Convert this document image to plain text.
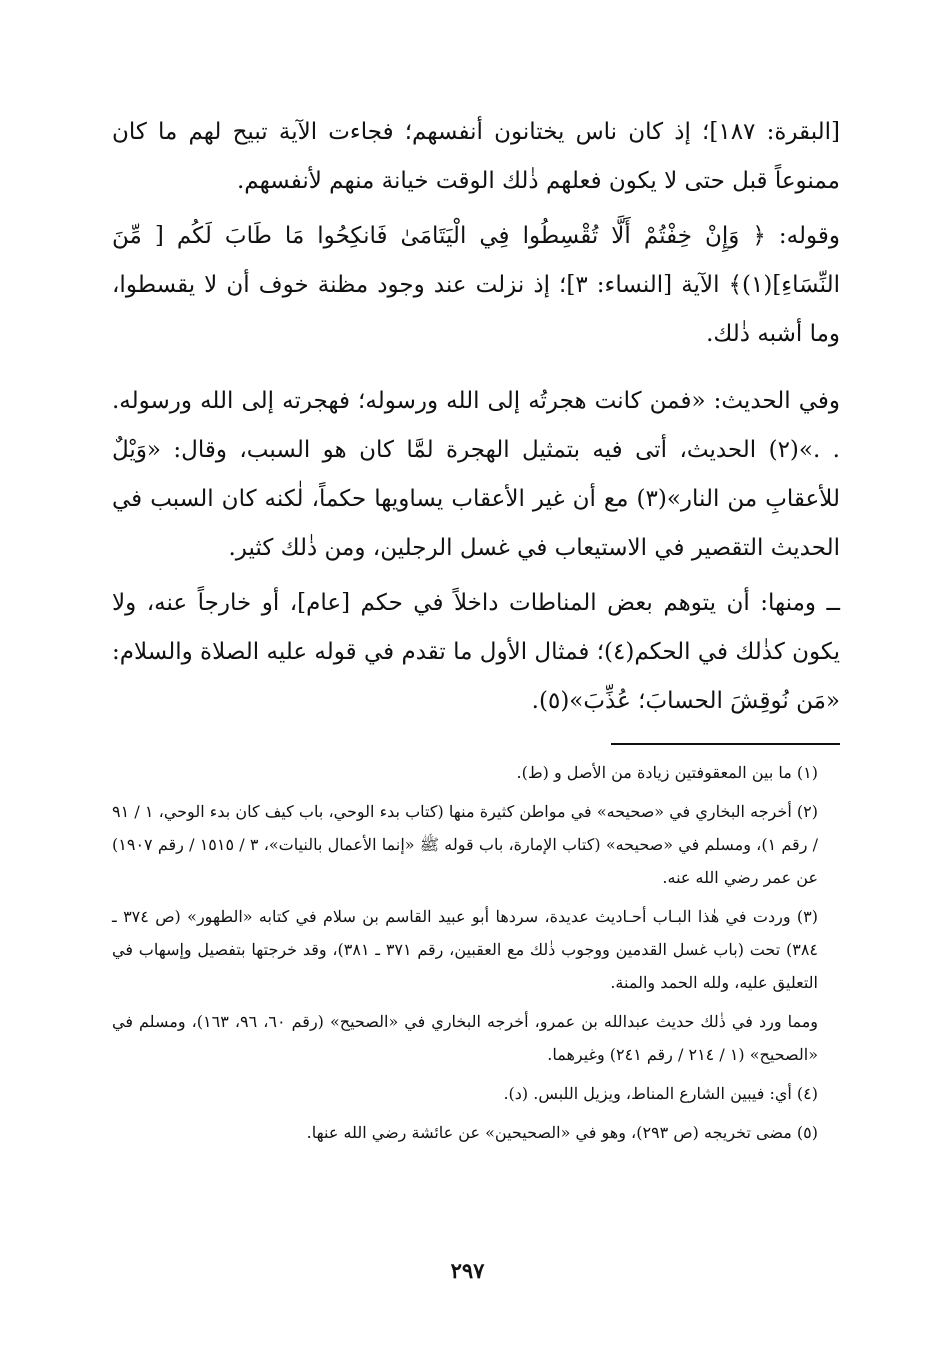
[البقرة: ١٨٧]؛ إذ كان ناس يختانون أنفسهم؛ فجاءت الآية تبيح لهم ما كان ممنوعاً قبل حتى لا يكون فعلهم ذٰلك الوقت خيانة منهم لأنفسهم.

وقوله: ﴿ وَإِنْ خِفْتُمْ أَلَّا تُقْسِطُوا فِي الْيَتَامَىٰ فَانكِحُوا مَا طَابَ لَكُم [ مِّنَ النِّسَاءِ](١)﴾ الآية [النساء: ٣]؛ إذ نزلت عند وجود مظنة خوف أن لا يقسطوا، وما أشبه ذٰلك.

وفي الحديث: «فمن كانت هجرتُه إلى الله ورسوله؛ فهجرته إلى الله ورسوله. . .»(٢) الحديث، أتى فيه بتمثيل الهجرة لمَّا كان هو السبب، وقال: «وَيْلٌ للأعقابِ من النار»(٣) مع أن غير الأعقاب يساويها حكماً، لٰكنه كان السبب في الحديث التقصير في الاستيعاب في غسل الرجلين، ومن ذٰلك كثير.

ــ ومنها: أن يتوهم بعض المناطات داخلاً في حكم [عام]، أو خارجاً عنه، ولا يكون كذٰلك في الحكم(٤)؛ فمثال الأول ما تقدم في قوله عليه الصلاة والسلام: «مَن نُوقِشَ الحسابَ؛ عُذِّبَ»(٥).

(١) ما بين المعقوفتين زيادة من الأصل و (ط).

(٢) أخرجه البخاري في «صحيحه» في مواطن كثيرة منها (كتاب بدء الوحي، باب كيف كان بدء الوحي، ١ / ٩١ / رقم ١)، ومسلم في «صحيحه» (كتاب الإمارة، باب قوله ﷺ «إنما الأعمال بالنيات»، ٣ / ١٥١٥ / رقم ١٩٠٧) عن عمر رضي الله عنه.

(٣) وردت في هٰذا البـاب أحـاديث عديدة، سردها أبو عبيد القاسم بن سلام في كتابه «الطهور» (ص ٣٧٤ ـ ٣٨٤) تحت (باب غسل القدمين ووجوب ذٰلك مع العقبين، رقم ٣٧١ ـ ٣٨١)، وقد خرجتها بتفصيل وإسهاب في التعليق عليه، ولله الحمد والمنة.

ومما ورد في ذٰلك حديث عبدالله بن عمرو، أخرجه البخاري في «الصحيح» (رقم ٦٠، ٩٦، ١٦٣)، ومسلم في «الصحيح» (١ / ٢١٤ / رقم ٢٤١) وغيرهما.

(٤) أي: فيبين الشارع المناط، ويزيل اللبس. (د).

(٥) مضى تخريجه (ص ٢٩٣)، وهو في «الصحيحين» عن عائشة رضي الله عنها.

٢٩٧
